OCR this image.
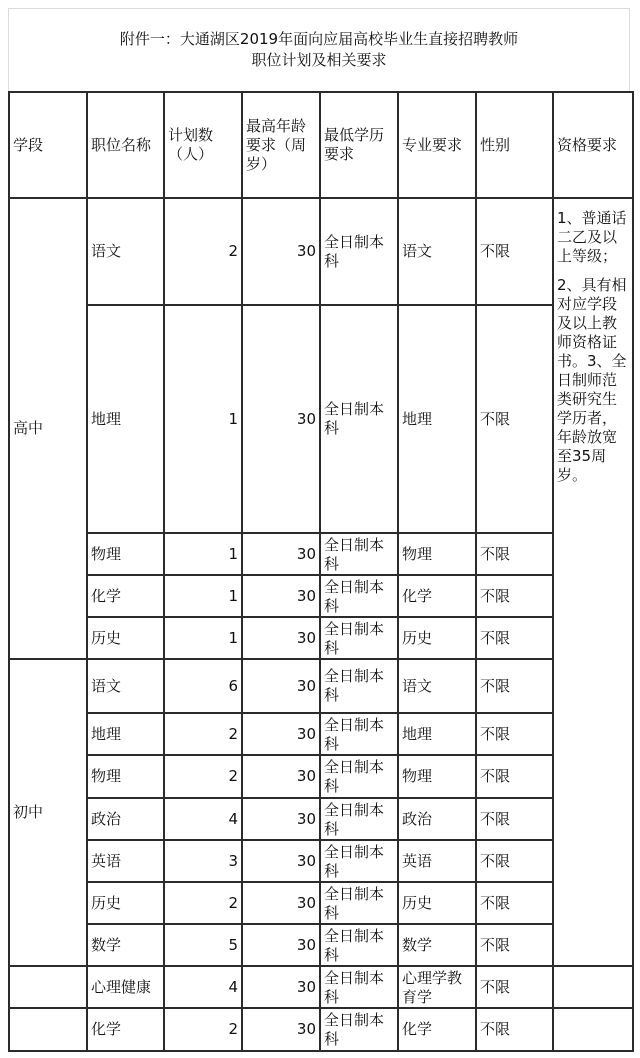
附件一：大通湖区2019年面向应届高校毕业生直接招聘教师
职位计划及相关要求
学段	职位名称	计划数（人）	最高年龄要求（周岁）	最低学历要求	专业要求	性别	资格要求
高中	语文	2	30	全日制本科	语文	不限	1、普通话二乙及以上等级；

2、具有相对应学段及以上教师资格证书。3、全日制师范类研究生学历者，年龄放宽至35周岁。

	地理	1	30	全日制本科	地理	不限	
	物理	1	30	全日制本科	物理	不限	
	化学	1	30	全日制本科	化学	不限	
	历史	1	30	全日制本科	历史	不限	
初中	语文	6	30	全日制本科	语文	不限	
	地理	2	30	全日制本科	地理	不限	
	物理	2	30	全日制本科	物理	不限	
	政治	4	30	全日制本科	政治	不限	
	英语	3	30	全日制本科	英语	不限	
	历史	2	30	全日制本科	历史	不限	
	数学	5	30	全日制本科	数学	不限	
	心理健康	4	30	全日制本科	心理学教育学	不限	
	化学	2	30	全日制本科	化学	不限	
